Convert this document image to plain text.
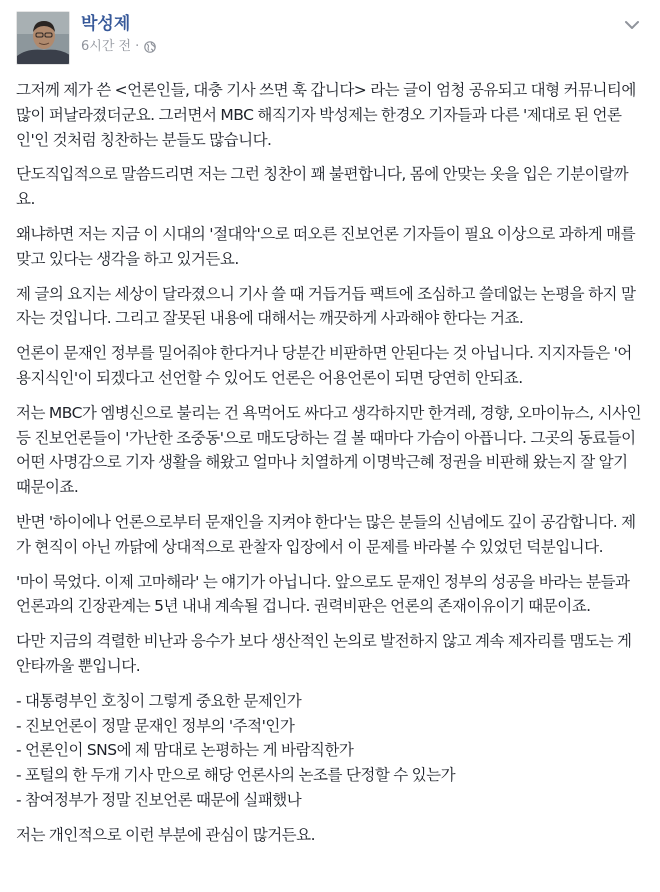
박성제
6시간 전 ·

그저께 제가 쓴 <언론인들, 대충 기사 쓰면 훅 갑니다> 라는 글이 엄청 공유되고 대형 커뮤니티에 많이 퍼날라졌더군요. 그러면서 MBC 해직기자 박성제는 한경오 기자들과 다른 '제대로 된 언론인'인 것처럼 칭찬하는 분들도 많습니다.

단도직입적으로 말씀드리면 저는 그런 칭찬이 꽤 불편합니다, 몸에 안맞는 옷을 입은 기분이랄까요.

왜냐하면 저는 지금 이 시대의 '절대악'으로 떠오른 진보언론 기자들이 필요 이상으로 과하게 매를 맞고 있다는 생각을 하고 있거든요.

제 글의 요지는 세상이 달라졌으니 기사 쓸 때 거듭거듭 팩트에 조심하고 쓸데없는 논평을 하지 말자는 것입니다. 그리고 잘못된 내용에 대해서는 깨끗하게 사과해야 한다는 거죠.

언론이 문재인 정부를 밀어줘야 한다거나 당분간 비판하면 안된다는 것 아닙니다. 지지자들은 '어용지식인'이 되겠다고 선언할 수 있어도 언론은 어용언론이 되면 당연히 안되죠.

저는 MBC가 엠병신으로 불리는 건 욕먹어도 싸다고 생각하지만 한겨레, 경향, 오마이뉴스, 시사인 등 진보언론들이 '가난한 조중동'으로 매도당하는 걸 볼 때마다 가슴이 아픕니다. 그곳의 동료들이 어떤 사명감으로 기자 생활을 해왔고 얼마나 치열하게 이명박근혜 정권을 비판해 왔는지 잘 알기 때문이죠.

반면 '하이에나 언론으로부터 문재인을 지켜야 한다'는 많은 분들의 신념에도 깊이 공감합니다. 제가 현직이 아닌 까닭에 상대적으로 관찰자 입장에서 이 문제를 바라볼 수 있었던 덕분입니다.

'마이 묵었다. 이제 고마해라' 는 얘기가 아닙니다. 앞으로도 문재인 정부의 성공을 바라는 분들과 언론과의 긴장관계는 5년 내내 계속될 겁니다. 권력비판은 언론의 존재이유이기 때문이죠.

다만 지금의 격렬한 비난과 응수가 보다 생산적인 논의로 발전하지 않고 계속 제자리를 맴도는 게 안타까울 뿐입니다.

- 대통령부인 호칭이 그렇게 중요한 문제인가
- 진보언론이 정말 문재인 정부의 '주적'인가
- 언론인이 SNS에 제 맘대로 논평하는 게 바람직한가
- 포털의 한 두개 기사 만으로 해당 언론사의 논조를 단정할 수 있는가
- 참여정부가 정말 진보언론 때문에 실패했나

저는 개인적으로 이런 부분에 관심이 많거든요.
